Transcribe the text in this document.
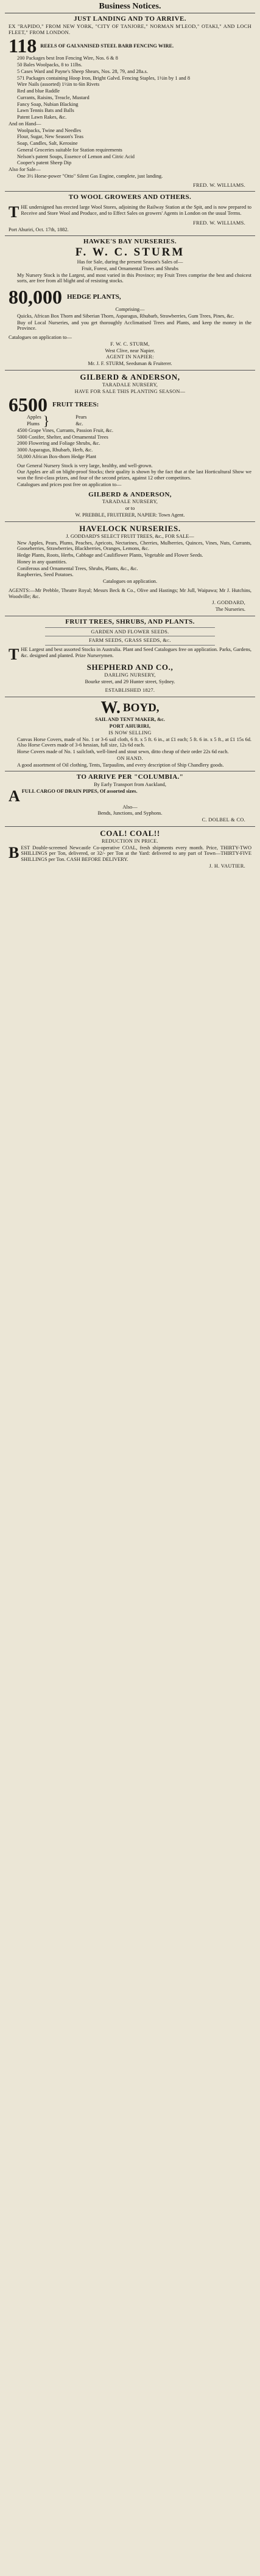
Business Notices.

JUST LANDING AND TO ARRIVE.

EX "RAPIDO," FROM NEW YORK, "CITY OF TANJORE," NORMAN M'LEOD," OTAKI," AND LOCH FLEET," FROM LONDON.

118 REELS OF GALVANISED STEEL BARB FENCING WIRE.

200 Packages best Iron Fencing Wire, Nos. 6 & 8

50 Bales Woolpacks, 8 to 11lbs.

5 Cases Ward and Payne's Sheep Shears, Nos. 28, 79, and 28a.s.

571 Packages containing Hoop Iron, Bright Galvd. Fencing Staples, 1½in by 1 and 8

Wire Nails (assorted) 1½in to 6in Rivets

Red and blue Raddle

Currants, Raisins, Treacle, Mustard

Fancy Soap, Nubian Blacking

Lawn Tennis Bats and Balls

Patent Lawn Rakes, &c.

And on Hand—

Woolpacks, Twine and Needles

Flour, Sugar, New Season's Teas

Soap, Candles, Salt, Kerosine

General Groceries suitable for Station requirements

Nelson's patent Soups, Essence of Lemon and Citric Acid

Cooper's patent Sheep Dip

Also for Sale—

One 3½ Horse-power "Otto" Silent Gas Engine, complete, just landing.

FRED. W. WILLIAMS.

TO WOOL GROWERS AND OTHERS.

THE undersigned has erected large Wool Stores, adjoining the Railway Station at the Spit, and is now prepared to Receive and Store Wool and Produce, and to Effect Sales on growers' Agents in London on the usual Terms.

FRED. W. WILLIAMS.

Port Ahuriri, Oct. 17th, 1882.

HAWKE'S BAY NURSERIES.

F. W. C. STURM

Has for Sale, during the present Season's Sales of—

Fruit, Forest, and Ornamental Trees and Shrubs

My Nursery Stock is the Largest, and most varied in this Province; my Fruit Trees comprise the best and choicest sorts, are free from all blight and of resisting stocks.

80,000 HEDGE PLANTS,

Comprising—

Quicks, African Box Thorn and Siberian Thorn, Asparagus, Rhubarb, Strawberries, Gum Trees, Pines, &c.

Buy of Local Nurseries, and you get thoroughly Acclimatised Trees and Plants, and keep the money in the Province.

Catalogues on application to—

F. W. C. STURM,

West Clive, near Napier.

AGENT IN NAPIER:

Mr. J. F. STURM, Seedsman & Fruiterer.

GILBERD & ANDERSON,

TARADALE NURSERY,

HAVE FOR SALE THIS PLANTING SEASON—

6500 FRUIT TREES:

Apples

Plums }	Pears

&c.

4500 Grape Vines, Currants, Passion Fruit, &c.

5000 Conifer, Shelter, and Ornamental Trees

2000 Flowering and Foliage Shrubs, &c.

3000 Asparagus, Rhubarb, Herb, &c.

50,000 African Box-thorn Hedge Plant

Our General Nursery Stock is very large, healthy, and well-grown.

Our Apples are all on blight-proof Stocks; their quality is shown by the fact that at the last Horticultural Show we won the first-class prizes, and four of the second prizes, against 12 other competitors.

Catalogues and prices post free on application to—

GILBERD & ANDERSON,

TARADALE NURSERY,

or to

W. PREBBLE, FRUITERER, NAPIER: Town Agent.

HAVELOCK NURSERIES.

J. GODDARD'S SELECT FRUIT TREES, &c., FOR SALE—

New Apples, Pears, Plums, Peaches, Apricots, Nectarines, Cherries, Mulberries, Quinces, Vines, Nuts, Currants, Gooseberries, Strawberries, Blackberries, Oranges, Lemons, &c.

Hedge Plants, Roots, Herbs, Cabbage and Cauliflower Plants, Vegetable and Flower Seeds.

Honey in any quantities.

Coniferous and Ornamental Trees, Shrubs, Plants, &c., &c.

Raspberries, Seed Potatoes.

Catalogues on application.

AGENTS:—Mr Prebble, Theatre Royal; Messrs Beck & Co., Olive and Hastings; Mr Jull, Waipawa; Mr J. Hutchins, Woodville; &c.

J. GODDARD,

The Nurseries.

FRUIT TREES, SHRUBS, AND PLANTS.

GARDEN AND FLOWER SEEDS.

FARM SEEDS, GRASS SEEDS, &c.

THE Largest and best assorted Stocks in Australia. Plant and Seed Catalogues free on application. Parks, Gardens, &c. designed and planted. Prize Nurserymen.

SHEPHERD AND CO.,

DARLING NURSERY,

Bourke street, and 29 Hunter street, Sydney.

ESTABLISHED 1827.

W. BOYD,

SAIL AND TENT MAKER, &c.

PORT AHURIRI,

IS NOW SELLING

Canvas Horse Covers, made of No. 1 or 3-6 sail cloth, 6 ft. x 5 ft. 6 in., at £1 each; 5 ft. 6 in. x 5 ft., at £1 15s 6d. Also Horse Covers made of 3-6 hessian, full size, 12s 6d each.

Horse Covers made of No. 1 sailcloth, well-lined and stout sewn, ditto cheap of their order 22s 6d each.

ON HAND.

A good assortment of Oil clothing, Tents, Tarpaulins, and every description of Ship Chandlery goods.

TO ARRIVE PER "COLUMBIA."

By Early Transport from Auckland,

AFULL CARGO OF DRAIN PIPES, Of assorted sizes.

Also—

Bends, Junctions, and Syphons.

C. DOLBEL & CO.

COAL! COAL!!

REDUCTION IN PRICE.

BEST Double-screened Newcastle Co-operative COAL, fresh shipments every month. Price, THIRTY-TWO SHILLINGS per Ton, delivered, or 32/- per Ton at the Yard: delivered to any part of Town—THIRTY-FIVE SHILLINGS per Ton. CASH BEFORE DELIVERY.

J. H. VAUTIER.
